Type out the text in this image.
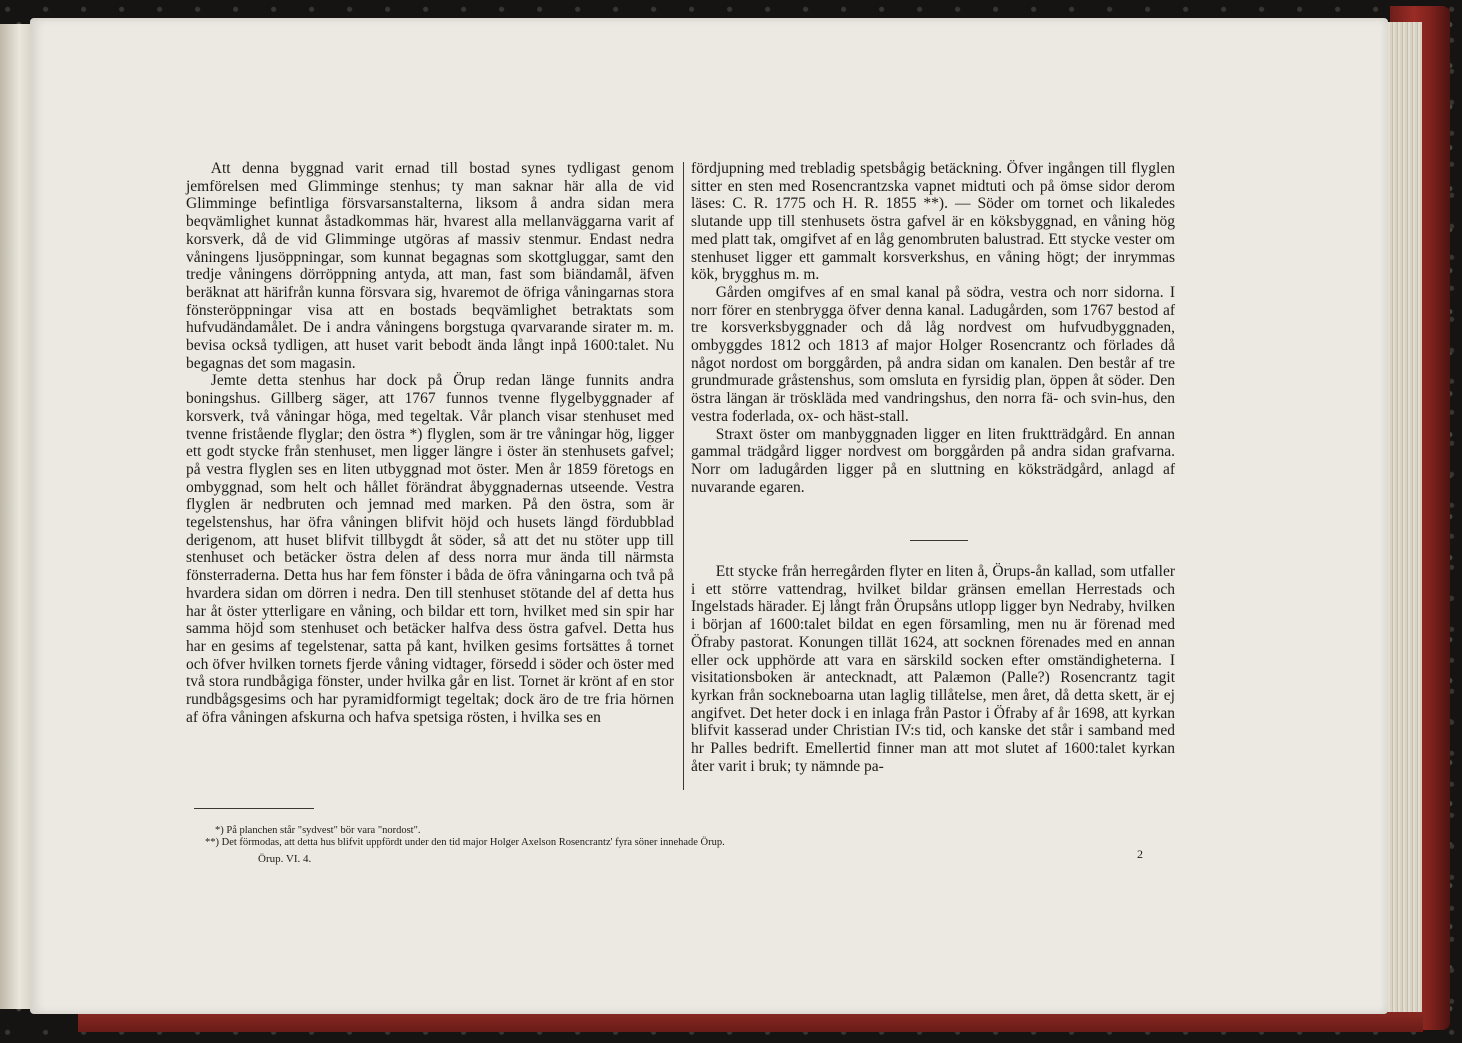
Att denna byggnad varit ernad till bostad synes tydligast genom jemförelsen med Glimminge stenhus; ty man saknar här alla de vid Glimminge befintliga försvarsanstalterna, liksom å andra sidan mera beqvämlighet kunnat åstadkommas här, hvarest alla mellanväggarna varit af korsverk, då de vid Glimminge utgöras af massiv stenmur. Endast nedra våningens ljusöppningar, som kunnat begagnas som skottgluggar, samt den tredje våningens dörröppning antyda, att man, fast som biändamål, äfven beräknat att härifrån kunna försvara sig, hvaremot de öfriga våningarnas stora fönsteröppningar visa att en bostads beqvämlighet betraktats som hufvudändamålet. De i andra våningens borgstuga qvarvarande sirater m. m. bevisa också tydligen, att huset varit bebodt ända långt inpå 1600:talet. Nu begagnas det som magasin.

Jemte detta stenhus har dock på Örup redan länge funnits andra boningshus. Gillberg säger, att 1767 funnos tvenne flygelbyggnader af korsverk, två våningar höga, med tegeltak. Vår planch visar stenhuset med tvenne fristående flyglar; den östra *) flyglen, som är tre våningar hög, ligger ett godt stycke från stenhuset, men ligger längre i öster än stenhusets gafvel; på vestra flyglen ses en liten utbyggnad mot öster. Men år 1859 företogs en ombyggnad, som helt och hållet förändrat åbyggnadernas utseende. Vestra flyglen är nedbruten och jemnad med marken. På den östra, som är tegelstenshus, har öfra våningen blifvit höjd och husets längd fördubblad derigenom, att huset blifvit tillbygdt åt söder, så att det nu stöter upp till stenhuset och betäcker östra delen af dess norra mur ända till närmsta fönsterraderna. Detta hus har fem fönster i båda de öfra våningarna och två på hvardera sidan om dörren i nedra. Den till stenhuset stötande del af detta hus har åt öster ytterligare en våning, och bildar ett torn, hvilket med sin spir har samma höjd som stenhuset och betäcker halfva dess östra gafvel. Detta hus har en gesims af tegelstenar, satta på kant, hvilken gesims fortsättes å tornet och öfver hvilken tornets fjerde våning vidtager, försedd i söder och öster med två stora rundbågiga fönster, under hvilka går en list. Tornet är krönt af en stor rundbågsgesims och har pyramidformigt tegeltak; dock äro de tre fria hörnen af öfra våningen afskurna och hafva spetsiga rösten, i hvilka ses en

fördjupning med trebladig spetsbågig betäckning. Öfver ingången till flyglen sitter en sten med Rosencrantzska vapnet midtuti och på ömse sidor derom läses: C. R. 1775 och H. R. 1855 **). — Söder om tornet och likaledes slutande upp till stenhusets östra gafvel är en köksbyggnad, en våning hög med platt tak, omgifvet af en låg genombruten balustrad. Ett stycke vester om stenhuset ligger ett gammalt korsverkshus, en våning högt; der inrymmas kök, brygghus m. m.

Gården omgifves af en smal kanal på södra, vestra och norr sidorna. I norr förer en stenbrygga öfver denna kanal. Ladugården, som 1767 bestod af tre korsverksbyggnader och då låg nordvest om hufvudbyggnaden, ombyggdes 1812 och 1813 af major Holger Rosencrantz och förlades då något nordost om borggården, på andra sidan om kanalen. Den består af tre grundmurade gråstenshus, som omsluta en fyrsidig plan, öppen åt söder. Den östra längan är tröskläda med vandringshus, den norra fä- och svin-hus, den vestra foderlada, ox- och häst-stall.

Straxt öster om manbyggnaden ligger en liten fruktträdgård. En annan gammal trädgård ligger nordvest om borggården på andra sidan grafvarna. Norr om ladugården ligger på en sluttning en köksträdgård, anlagd af nuvarande egaren.

Ett stycke från herregården flyter en liten å, Örups-ån kallad, som utfaller i ett större vattendrag, hvilket bildar gränsen emellan Herrestads och Ingelstads härader. Ej långt från Örupsåns utlopp ligger byn Nedraby, hvilken i början af 1600:talet bildat en egen församling, men nu är förenad med Öfraby pastorat. Konungen tillät 1624, att socknen förenades med en annan eller ock upphörde att vara en särskild socken efter omständigheterna. I visitationsboken är antecknadt, att Palæmon (Palle?) Rosencrantz tagit kyrkan från sockneboarna utan laglig tillåtelse, men året, då detta skett, är ej angifvet. Det heter dock i en inlaga från Pastor i Öfraby af år 1698, att kyrkan blifvit kasserad under Christian IV:s tid, och kanske det står i samband med hr Palles bedrift. Emellertid finner man att mot slutet af 1600:talet kyrkan åter varit i bruk; ty nämnde pa-

*) På planchen står "sydvest" bör vara "nordost".
**) Det förmodas, att detta hus blifvit uppfördt under den tid major Holger Axelson Rosencrantz' fyra söner innehade Örup.
Örup. VI. 4.	2
